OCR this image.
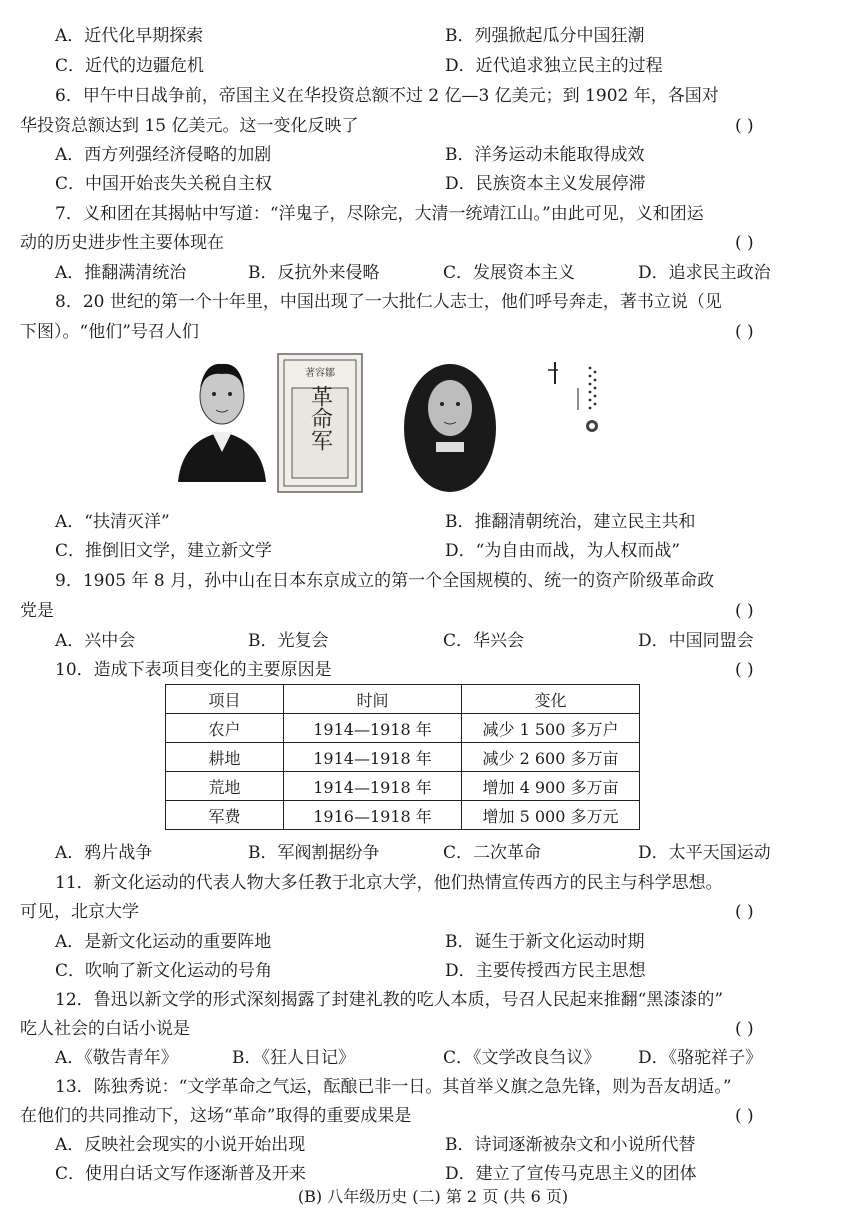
A．近代化早期探索	B．列强掀起瓜分中国狂潮
C．近代的边疆危机	D．近代追求独立民主的过程
6．甲午中日战争前，帝国主义在华投资总额不过 2 亿—3 亿美元；到 1902 年，各国对
华投资总额达到 15 亿美元。这一变化反映了	( )
A．西方列强经济侵略的加剧	B．洋务运动未能取得成效
C．中国开始丧失关税自主权	D．民族资本主义发展停滞
7．义和团在其揭帖中写道：“洋鬼子，尽除完，大清一统靖江山。”由此可见，义和团运
动的历史进步性主要体现在	( )
A．推翻满清统治	B．反抗外来侵略	C．发展资本主义	D．追求民主政治
8．20 世纪的第一个十年里，中国出现了一大批仁人志士，他们呼号奔走，著书立说（见
下图）。“他们”号召人们	( )
著容鄒
革命军
A．“扶清灭洋”	B．推翻清朝统治，建立民主共和
C．推倒旧文学，建立新文学	D．“为自由而战，为人权而战”
9．1905 年 8 月，孙中山在日本东京成立的第一个全国规模的、统一的资产阶级革命政
党是	( )
A．兴中会	B．光复会	C．华兴会	D．中国同盟会
10．造成下表项目变化的主要原因是	( )
项目	时间	变化
农户	1914—1918 年	减少 1 500 多万户
耕地	1914—1918 年	减少 2 600 多万亩
荒地	1914—1918 年	增加 4 900 多万亩
军费	1916—1918 年	增加 5 000 多万元
A．鸦片战争	B．军阀割据纷争	C．二次革命	D．太平天国运动
11．新文化运动的代表人物大多任教于北京大学，他们热情宣传西方的民主与科学思想。
可见，北京大学	( )
A．是新文化运动的重要阵地	B．诞生于新文化运动时期
C．吹响了新文化运动的号角	D．主要传授西方民主思想
12．鲁迅以新文学的形式深刻揭露了封建礼教的吃人本质，号召人民起来推翻“黑漆漆的”
吃人社会的白话小说是	( )
A．《敬告青年》	B．《狂人日记》	C．《文学改良刍议》 D．《骆驼祥子》
13．陈独秀说：“文学革命之气运，酝酿已非一日。其首举义旗之急先锋，则为吾友胡适。”
在他们的共同推动下，这场“革命”取得的重要成果是	( )
A．反映社会现实的小说开始出现	B．诗词逐渐被杂文和小说所代替
C．使用白话文写作逐渐普及开来	D．建立了宣传马克思主义的团体
(B) 八年级历史 (二) 第 2 页 (共 6 页)
